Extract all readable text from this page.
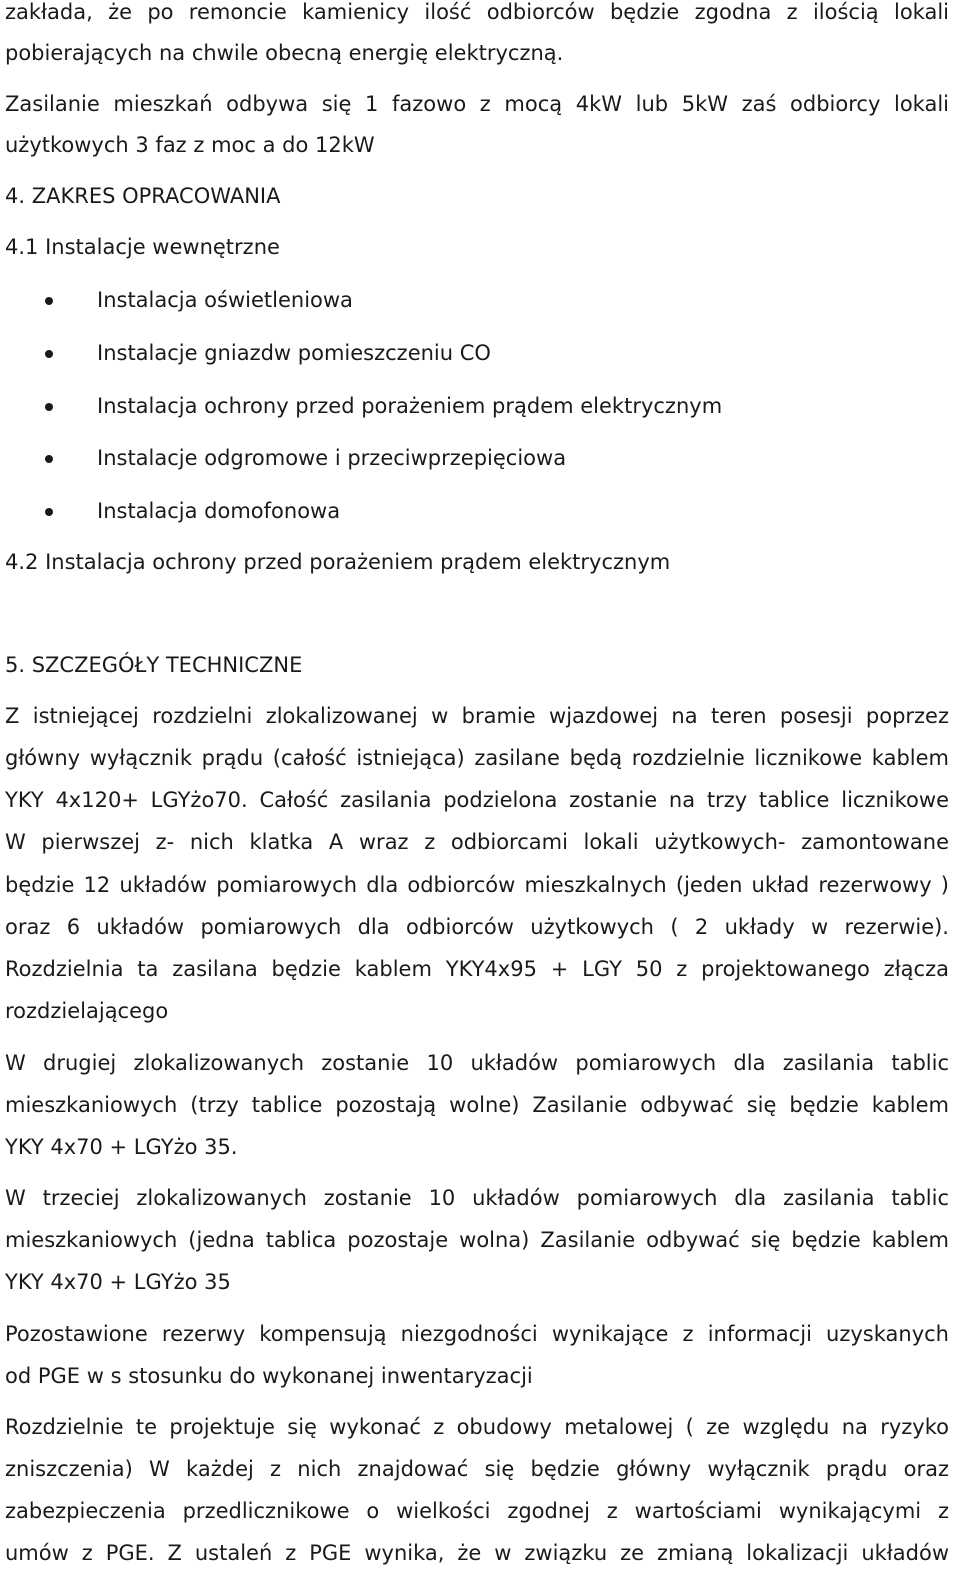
zakłada, że po remoncie kamienicy ilość odbiorców będzie zgodna z ilością lokali
pobierających na chwile obecną energię elektryczną.
Zasilanie mieszkań odbywa się 1 fazowo z mocą 4kW lub 5kW zaś odbiorcy lokali
użytkowych 3 faz z moc a do 12kW
4. ZAKRES OPRACOWANIA
4.1 Instalacje wewnętrzne
Instalacja oświetleniowa
Instalacje gniazdw pomieszczeniu CO
Instalacja ochrony przed porażeniem prądem elektrycznym
Instalacje odgromowe i przeciwprzepięciowa
Instalacja domofonowa
4.2 Instalacja ochrony przed porażeniem prądem elektrycznym
5. SZCZEGÓŁY TECHNICZNE
Z istniejącej rozdzielni zlokalizowanej w bramie wjazdowej na teren posesji poprzez
główny wyłącznik prądu (całość istniejąca) zasilane będą rozdzielnie licznikowe kablem
YKY 4x120+ LGYżo70. Całość zasilania podzielona zostanie na trzy tablice licznikowe
W pierwszej z- nich klatka A wraz z odbiorcami lokali użytkowych- zamontowane
będzie 12 układów pomiarowych dla odbiorców mieszkalnych (jeden układ rezerwowy )
oraz 6 układów pomiarowych dla odbiorców użytkowych ( 2 układy w rezerwie).
Rozdzielnia ta zasilana będzie kablem YKY4x95 + LGY 50 z projektowanego złącza
rozdzielającego
W drugiej zlokalizowanych zostanie 10 układów pomiarowych dla zasilania tablic
mieszkaniowych (trzy tablice pozostają wolne) Zasilanie odbywać się będzie kablem
YKY 4x70 + LGYżo 35.
W trzeciej zlokalizowanych zostanie 10 układów pomiarowych dla zasilania tablic
mieszkaniowych (jedna tablica pozostaje wolna) Zasilanie odbywać się będzie kablem
YKY 4x70 + LGYżo 35
Pozostawione rezerwy kompensują niezgodności wynikające z informacji uzyskanych
od PGE w s stosunku do wykonanej inwentaryzacji
Rozdzielnie te projektuje się wykonać z obudowy metalowej ( ze względu na ryzyko
zniszczenia) W każdej z nich znajdować się będzie główny wyłącznik prądu oraz
zabezpieczenia przedlicznikowe o wielkości zgodnej z wartościami wynikającymi z
umów z PGE. Z ustaleń z PGE wynika, że w związku ze zmianą lokalizacji układów
